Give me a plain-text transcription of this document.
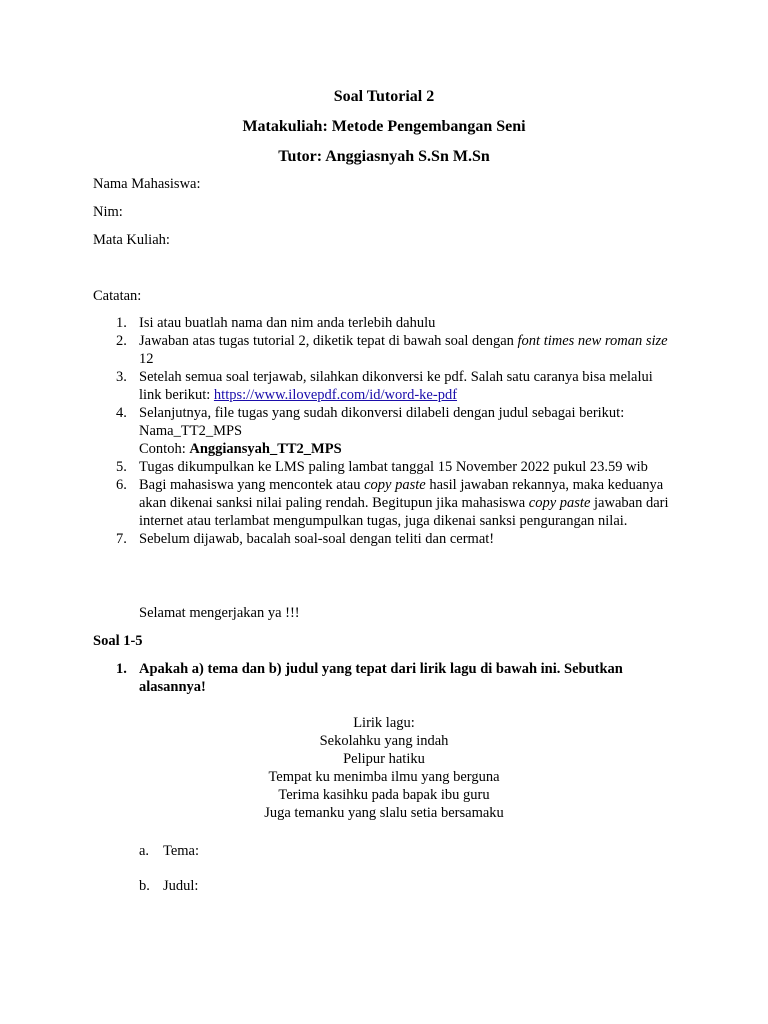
Soal Tutorial 2
Matakuliah: Metode Pengembangan Seni
Tutor: Anggiasnyah S.Sn M.Sn
Nama Mahasiswa:
Nim:
Mata Kuliah:
Catatan:
1. Isi atau buatlah nama dan nim anda terlebih dahulu
2. Jawaban atas tugas tutorial 2, diketik tepat di bawah soal dengan font times new roman size 12
3. Setelah semua soal terjawab, silahkan dikonversi ke pdf. Salah satu caranya bisa melalui link berikut: https://www.ilovepdf.com/id/word-ke-pdf
4. Selanjutnya, file tugas yang sudah dikonversi dilabeli dengan judul sebagai berikut:
Nama_TT2_MPS
Contoh: Anggiansyah_TT2_MPS
5. Tugas dikumpulkan ke LMS paling lambat tanggal 15 November 2022 pukul 23.59 wib
6. Bagi mahasiswa yang mencontek atau copy paste hasil jawaban rekannya, maka keduanya akan dikenai sanksi nilai paling rendah. Begitupun jika mahasiswa copy paste jawaban dari internet atau terlambat mengumpulkan tugas, juga dikenai sanksi pengurangan nilai.
7. Sebelum dijawab, bacalah soal-soal dengan teliti dan cermat!
Selamat mengerjakan ya !!!
Soal 1-5
1. Apakah a) tema dan b) judul yang tepat dari lirik lagu di bawah ini. Sebutkan alasannya!
Lirik lagu:
Sekolahku yang indah
Pelipur hatiku
Tempat ku menimba ilmu yang berguna
Terima kasihku pada bapak ibu guru
Juga temanku yang slalu setia bersamaku
a. Tema:
b. Judul:
